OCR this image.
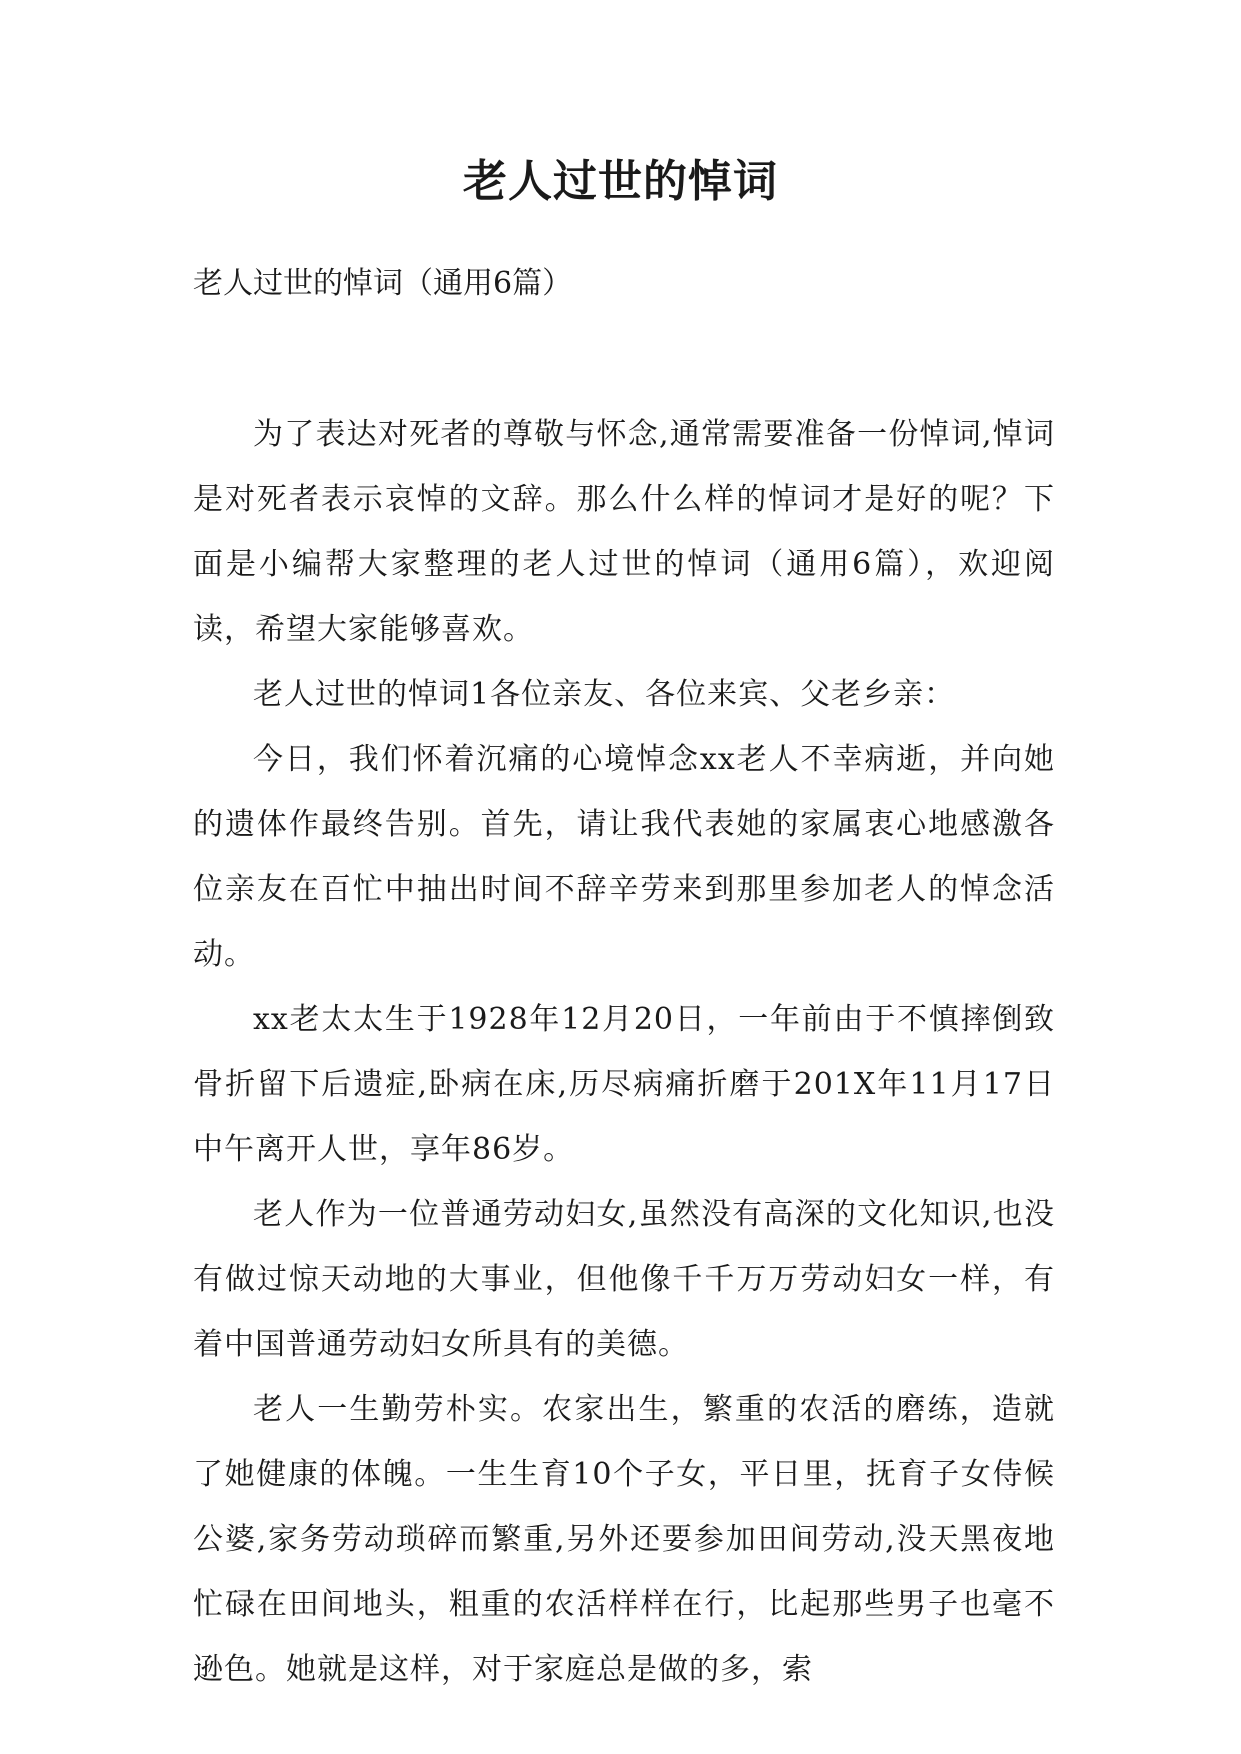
老人过世的悼词
老人过世的悼词（通用6篇）

为了表达对死者的尊敬与怀念,通常需要准备一份悼词,悼词是对死者表示哀悼的文辞。那么什么样的悼词才是好的呢？下面是小编帮大家整理的老人过世的悼词（通用6篇），欢迎阅读，希望大家能够喜欢。

老人过世的悼词1各位亲友、各位来宾、父老乡亲：

今日，我们怀着沉痛的心境悼念xx老人不幸病逝，并向她的遗体作最终告别。首先，请让我代表她的家属衷心地感激各位亲友在百忙中抽出时间不辞辛劳来到那里参加老人的悼念活动。

xx老太太生于1928年12月20日，一年前由于不慎摔倒致骨折留下后遗症,卧病在床,历尽病痛折磨于201X年11月17日中午离开人世，享年86岁。

老人作为一位普通劳动妇女,虽然没有高深的文化知识,也没有做过惊天动地的大事业，但他像千千万万劳动妇女一样，有着中国普通劳动妇女所具有的美德。

老人一生勤劳朴实。农家出生，繁重的农活的磨练，造就了她健康的体魄。一生生育10个子女，平日里，抚育子女侍候公婆,家务劳动琐碎而繁重,另外还要参加田间劳动,没天黑夜地忙碌在田间地头，粗重的农活样样在行，比起那些男子也毫不逊色。她就是这样，对于家庭总是做的多，索
